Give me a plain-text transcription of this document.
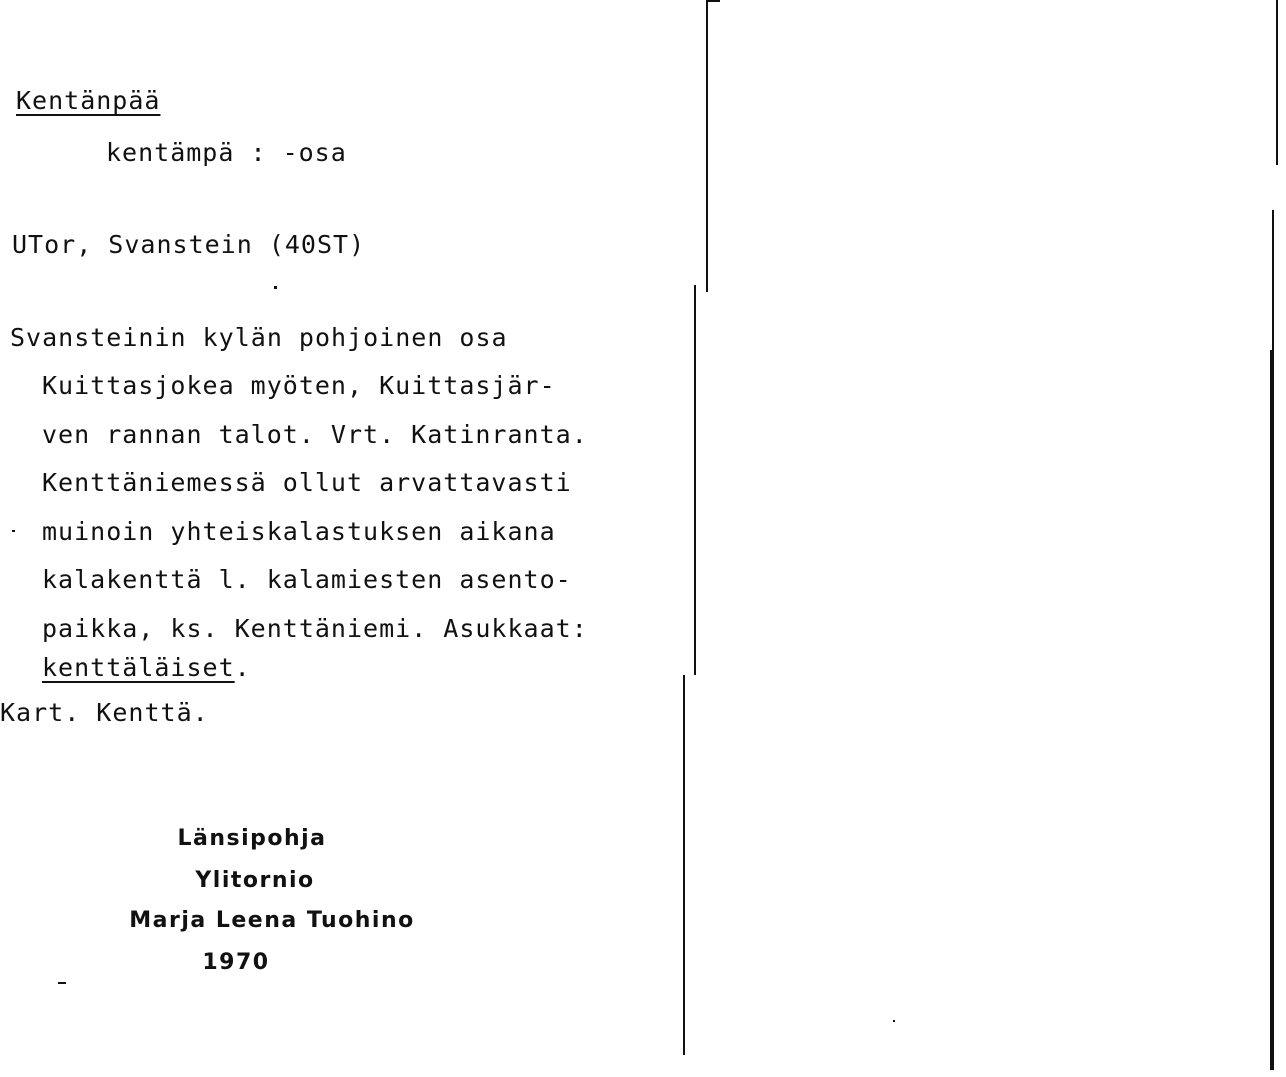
Kentänpää
kentämpä : -osa
UTor, Svanstein (40ST)
Svansteinin kylän pohjoinen osa
Kuittasjokea myöten, Kuittasjär-
ven rannan talot. Vrt. Katinranta.
Kenttäniemessä ollut arvattavasti
muinoin yhteiskalastuksen aikana
kalakenttä l. kalamiesten asento-
paikka, ks. Kenttäniemi. Asukkaat:
kenttäläiset.
Kart. Kenttä.
Länsipohja
Ylitornio
Marja Leena Tuohino
1970
